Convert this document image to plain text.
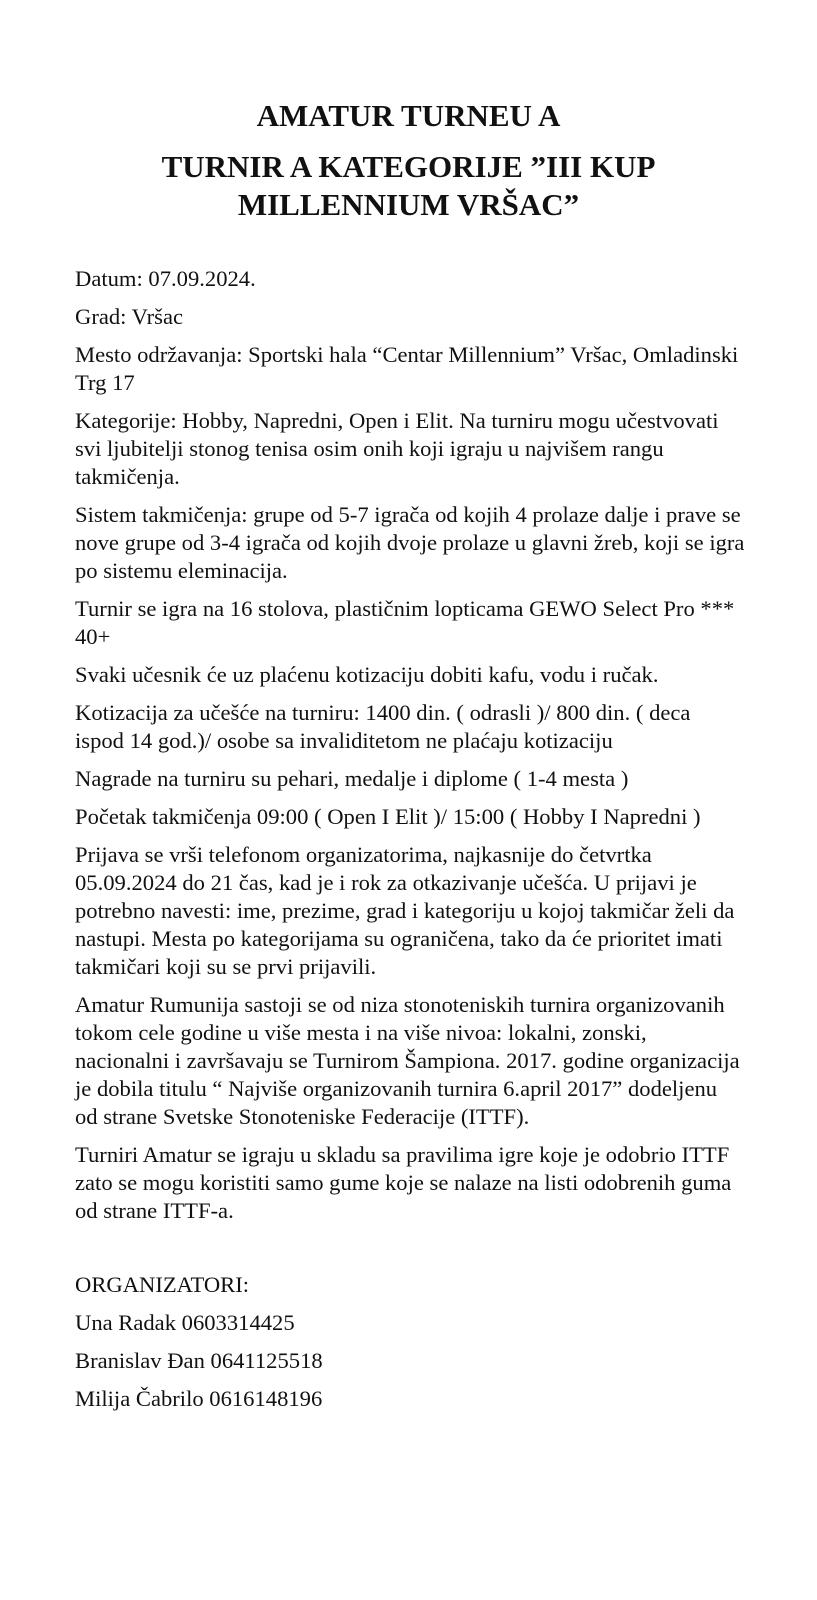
AMATUR TURNEU A
TURNIR A KATEGORIJE ”III KUP MILLENNIUM VRŠAC”

Datum: 07.09.2024.

Grad: Vršac

Mesto održavanja: Sportski hala “Centar Millennium” Vršac, Omladinski Trg 17

Kategorije: Hobby, Napredni, Open i Elit. Na turniru mogu učestvovati svi ljubitelji stonog tenisa osim onih koji igraju u najvišem rangu takmičenja.

Sistem takmičenja: grupe od 5-7 igrača od kojih 4 prolaze dalje i prave se nove grupe od 3-4 igrača od kojih dvoje prolaze u glavni žreb, koji se igra po sistemu eleminacija.

Turnir se igra na 16 stolova, plastičnim lopticama GEWO Select Pro *** 40+

Svaki učesnik će uz plaćenu kotizaciju dobiti kafu, vodu i ručak.

Kotizacija za učešće na turniru: 1400 din. ( odrasli )/ 800 din. ( deca ispod 14 god.)/ osobe sa invaliditetom ne plaćaju kotizaciju

Nagrade na turniru su pehari, medalje i diplome ( 1-4 mesta )

Početak takmičenja 09:00 ( Open I Elit )/ 15:00 ( Hobby I Napredni )

Prijava se vrši telefonom organizatorima, najkasnije do četvrtka 05.09.2024 do 21 čas, kad je i rok za otkazivanje učešća. U prijavi je potrebno navesti: ime, prezime, grad i kategoriju u kojoj takmičar želi da nastupi. Mesta po kategorijama su ograničena, tako da će prioritet imati takmičari koji su se prvi prijavili.

Amatur Rumunija sastoji se od niza stonoteniskih turnira organizovanih tokom cele godine u više mesta i na više nivoa: lokalni, zonski, nacionalni i završavaju se Turnirom Šampiona. 2017. godine organizacija je dobila titulu “ Najviše organizovanih turnira 6.april 2017” dodeljenu od strane Svetske Stonoteniske Federacije (ITTF).

Turniri Amatur se igraju u skladu sa pravilima igre koje je odobrio ITTF zato se mogu koristiti samo gume koje se nalaze na listi odobrenih guma od strane ITTF-a.

ORGANIZATORI:

Una Radak 0603314425

Branislav Đan 0641125518

Milija Čabrilo 0616148196
